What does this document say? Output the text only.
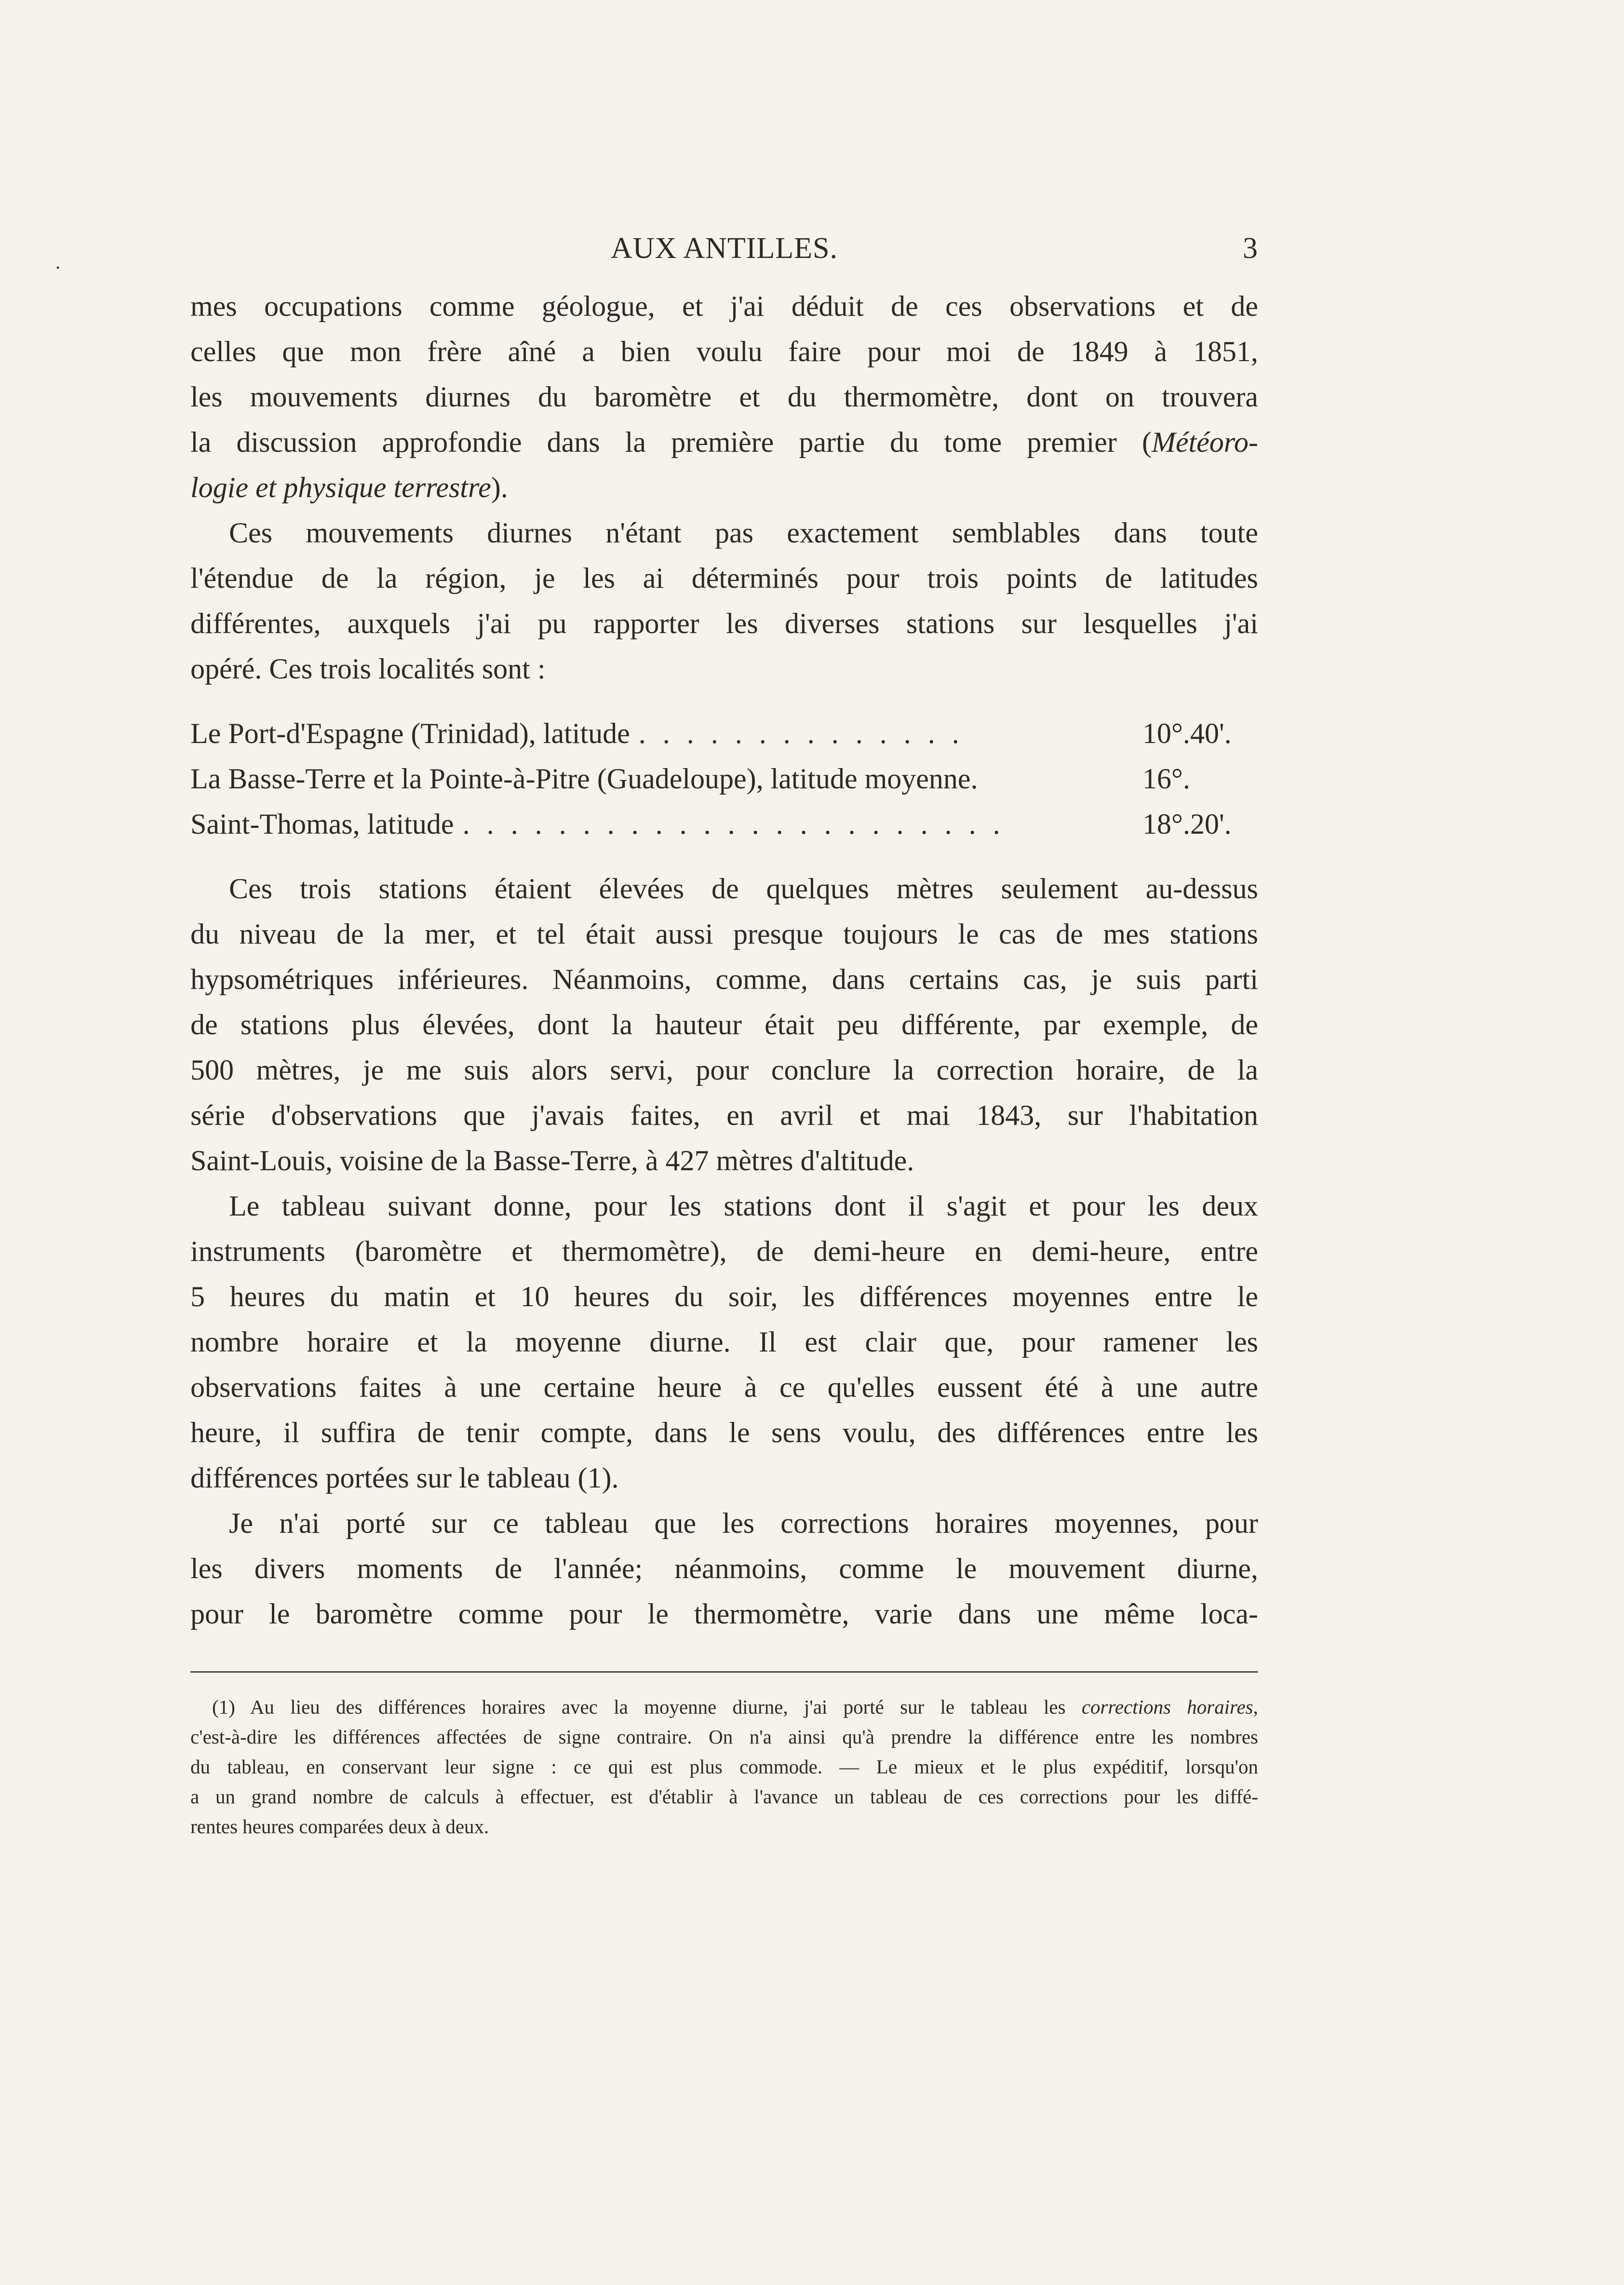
.	AUX ANTILLES.	3

mes occupations comme géologue, et j'ai déduit de ces observations et de

celles que mon frère aîné a bien voulu faire pour moi de 1849 à 1851,

les mouvements diurnes du baromètre et du thermomètre, dont on trouvera

la discussion approfondie dans la première partie du tome premier (Météoro-

logie et physique terrestre).

Ces mouvements diurnes n'étant pas exactement semblables dans toute

l'étendue de la région, je les ai déterminés pour trois points de latitudes

différentes, auxquels j'ai pu rapporter les diverses stations sur lesquelles j'ai

opéré. Ces trois localités sont :

Le Port-d'Espagne (Trinidad), latitude . . . . . . . . . . . . . .	10°.40'.
La Basse-Terre et la Pointe-à-Pitre (Guadeloupe), latitude moyenne.	16°.
Saint-Thomas, latitude . . . . . . . . . . . . . . . . . . . . . . .	18°.20'.

Ces trois stations étaient élevées de quelques mètres seulement au-dessus

du niveau de la mer, et tel était aussi presque toujours le cas de mes stations

hypsométriques inférieures. Néanmoins, comme, dans certains cas, je suis parti

de stations plus élevées, dont la hauteur était peu différente, par exemple, de

500 mètres, je me suis alors servi, pour conclure la correction horaire, de la

série d'observations que j'avais faites, en avril et mai 1843, sur l'habitation

Saint-Louis, voisine de la Basse-Terre, à 427 mètres d'altitude.

Le tableau suivant donne, pour les stations dont il s'agit et pour les deux

instruments (baromètre et thermomètre), de demi-heure en demi-heure, entre

5 heures du matin et 10 heures du soir, les différences moyennes entre le

nombre horaire et la moyenne diurne. Il est clair que, pour ramener les

observations faites à une certaine heure à ce qu'elles eussent été à une autre

heure, il suffira de tenir compte, dans le sens voulu, des différences entre les

différences portées sur le tableau (1).

Je n'ai porté sur ce tableau que les corrections horaires moyennes, pour

les divers moments de l'année; néanmoins, comme le mouvement diurne,

pour le baromètre comme pour le thermomètre, varie dans une même loca-

(1) Au lieu des différences horaires avec la moyenne diurne, j'ai porté sur le tableau les corrections horaires,

c'est-à-dire les différences affectées de signe contraire. On n'a ainsi qu'à prendre la différence entre les nombres

du tableau, en conservant leur signe : ce qui est plus commode. — Le mieux et le plus expéditif, lorsqu'on

a un grand nombre de calculs à effectuer, est d'établir à l'avance un tableau de ces corrections pour les diffé-

rentes heures comparées deux à deux.
